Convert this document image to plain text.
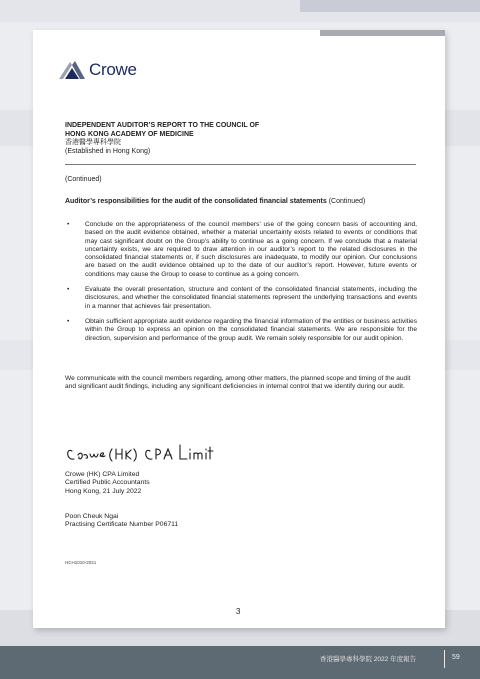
Crowe
INDEPENDENT AUDITOR’S REPORT TO THE COUNCIL OF
HONG KONG ACADEMY OF MEDICINE
香港醫學專科學院
(Established in Hong Kong)
(Continued)
Auditor’s responsibilities for the audit of the consolidated financial statements (Continued)
•	Conclude on the appropriateness of the council members’ use of the going concern basis of accounting and, based on the audit evidence obtained, whether a material uncertainty exists related to events or conditions that may cast significant doubt on the Group’s ability to continue as a going concern. If we conclude that a material uncertainty exists, we are required to draw attention in our auditor’s report to the related disclosures in the consolidated financial statements or, if such disclosures are inadequate, to modify our opinion. Our conclusions are based on the audit evidence obtained up to the date of our auditor’s report. However, future events or conditions may cause the Group to cease to continue as a going concern.
•	Evaluate the overall presentation, structure and content of the consolidated financial statements, including the disclosures, and whether the consolidated financial statements represent the underlying transactions and events in a manner that achieves fair presentation.
•	Obtain sufficient appropriate audit evidence regarding the financial information of the entities or business activities within the Group to express an opinion on the consolidated financial statements. We are responsible for the direction, supervision and performance of the group audit. We remain solely responsible for our audit opinion.
We communicate with the council members regarding, among other matters, the planned scope and timing of the audit and significant audit findings, including any significant deficiencies in internal control that we identify during our audit.
Crowe (HK) CPA Limited
Certified Public Accountants
Hong Kong, 21 July 2022
Poon Cheuk Ngai
Practising Certificate Number P06711
HCH1010-2021
3
香港醫學專科學院 2022 年度報告	59
